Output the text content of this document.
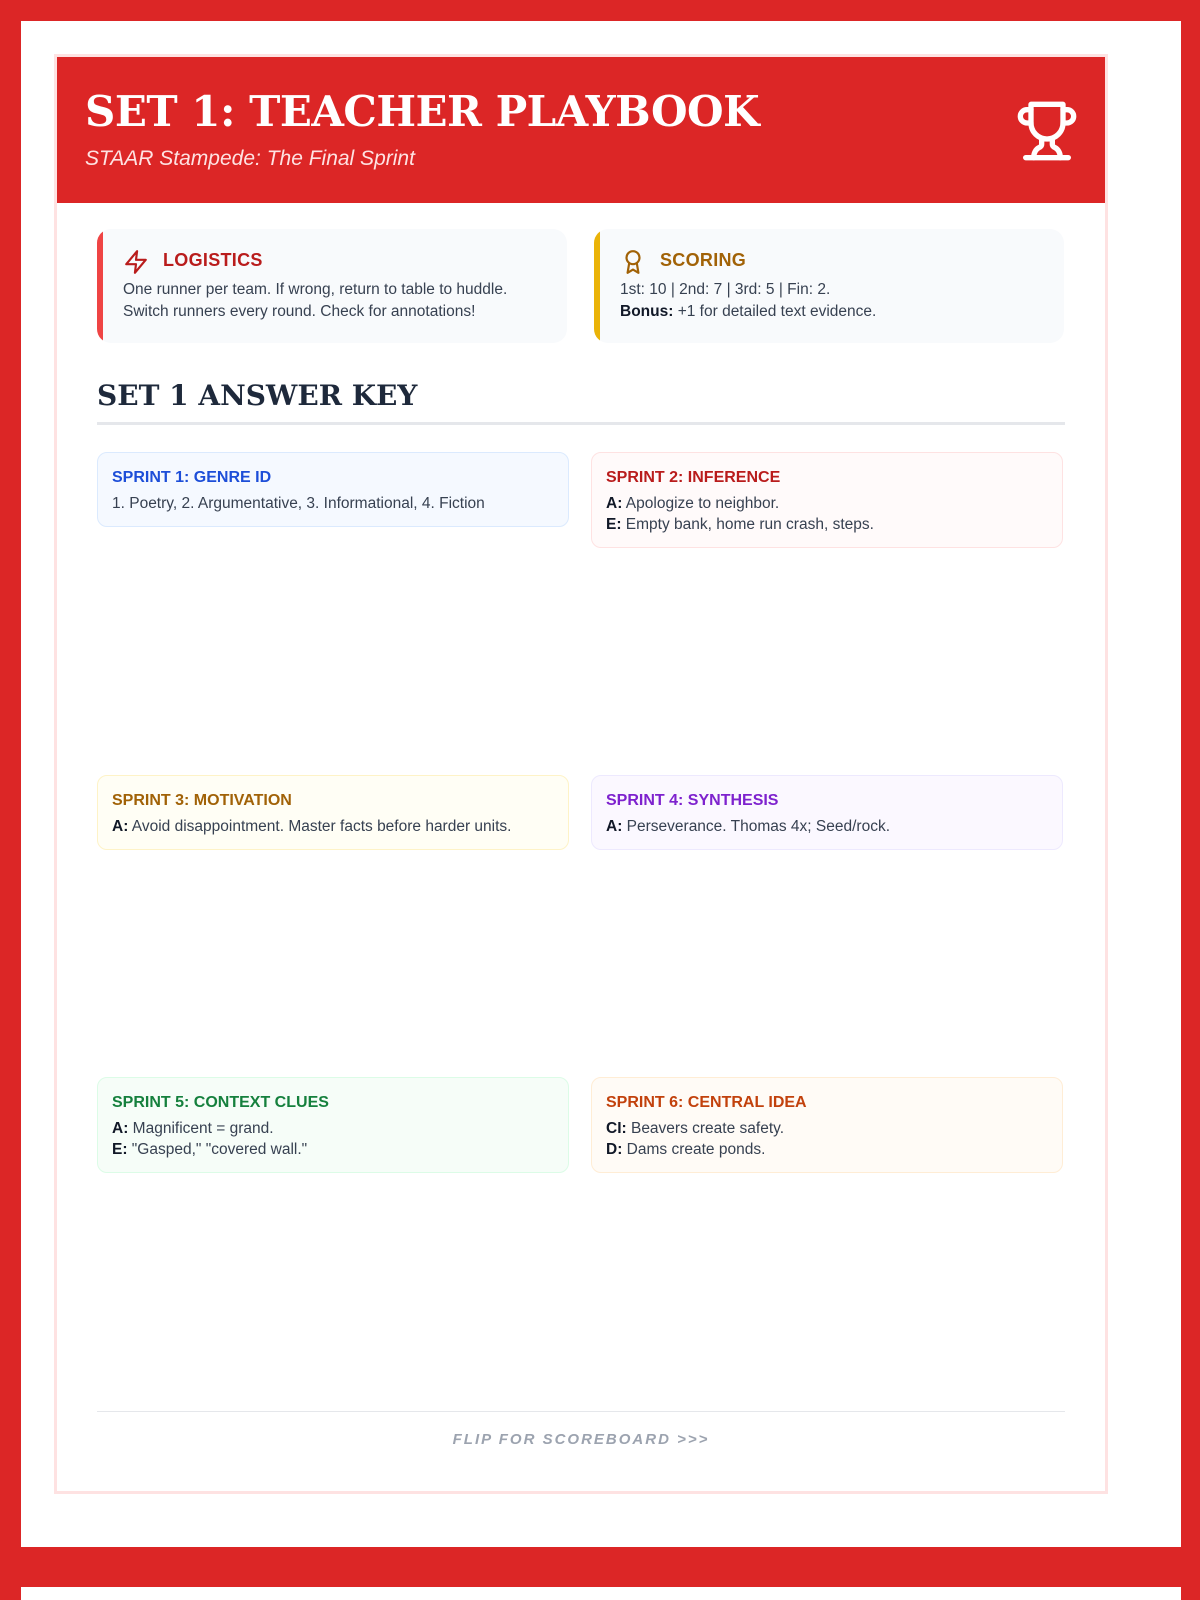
SET 1: TEACHER PLAYBOOK
STAAR Stampede: The Final Sprint
LOGISTICS
One runner per team. If wrong, return to table to huddle.
Switch runners every round. Check for annotations!
SCORING
1st: 10 | 2nd: 7 | 3rd: 5 | Fin: 2.
Bonus: +1 for detailed text evidence.
SET 1 ANSWER KEY
SPRINT 1: GENRE ID
1. Poetry, 2. Argumentative, 3. Informational, 4. Fiction
SPRINT 2: INFERENCE
A: Apologize to neighbor.
E: Empty bank, home run crash, steps.
SPRINT 3: MOTIVATION
A: Avoid disappointment. Master facts before harder units.
SPRINT 4: SYNTHESIS
A: Perseverance. Thomas 4x; Seed/rock.
SPRINT 5: CONTEXT CLUES
A: Magnificent = grand.
E: "Gasped," "covered wall."
SPRINT 6: CENTRAL IDEA
CI: Beavers create safety.
D: Dams create ponds.
FLIP FOR SCOREBOARD >>>
